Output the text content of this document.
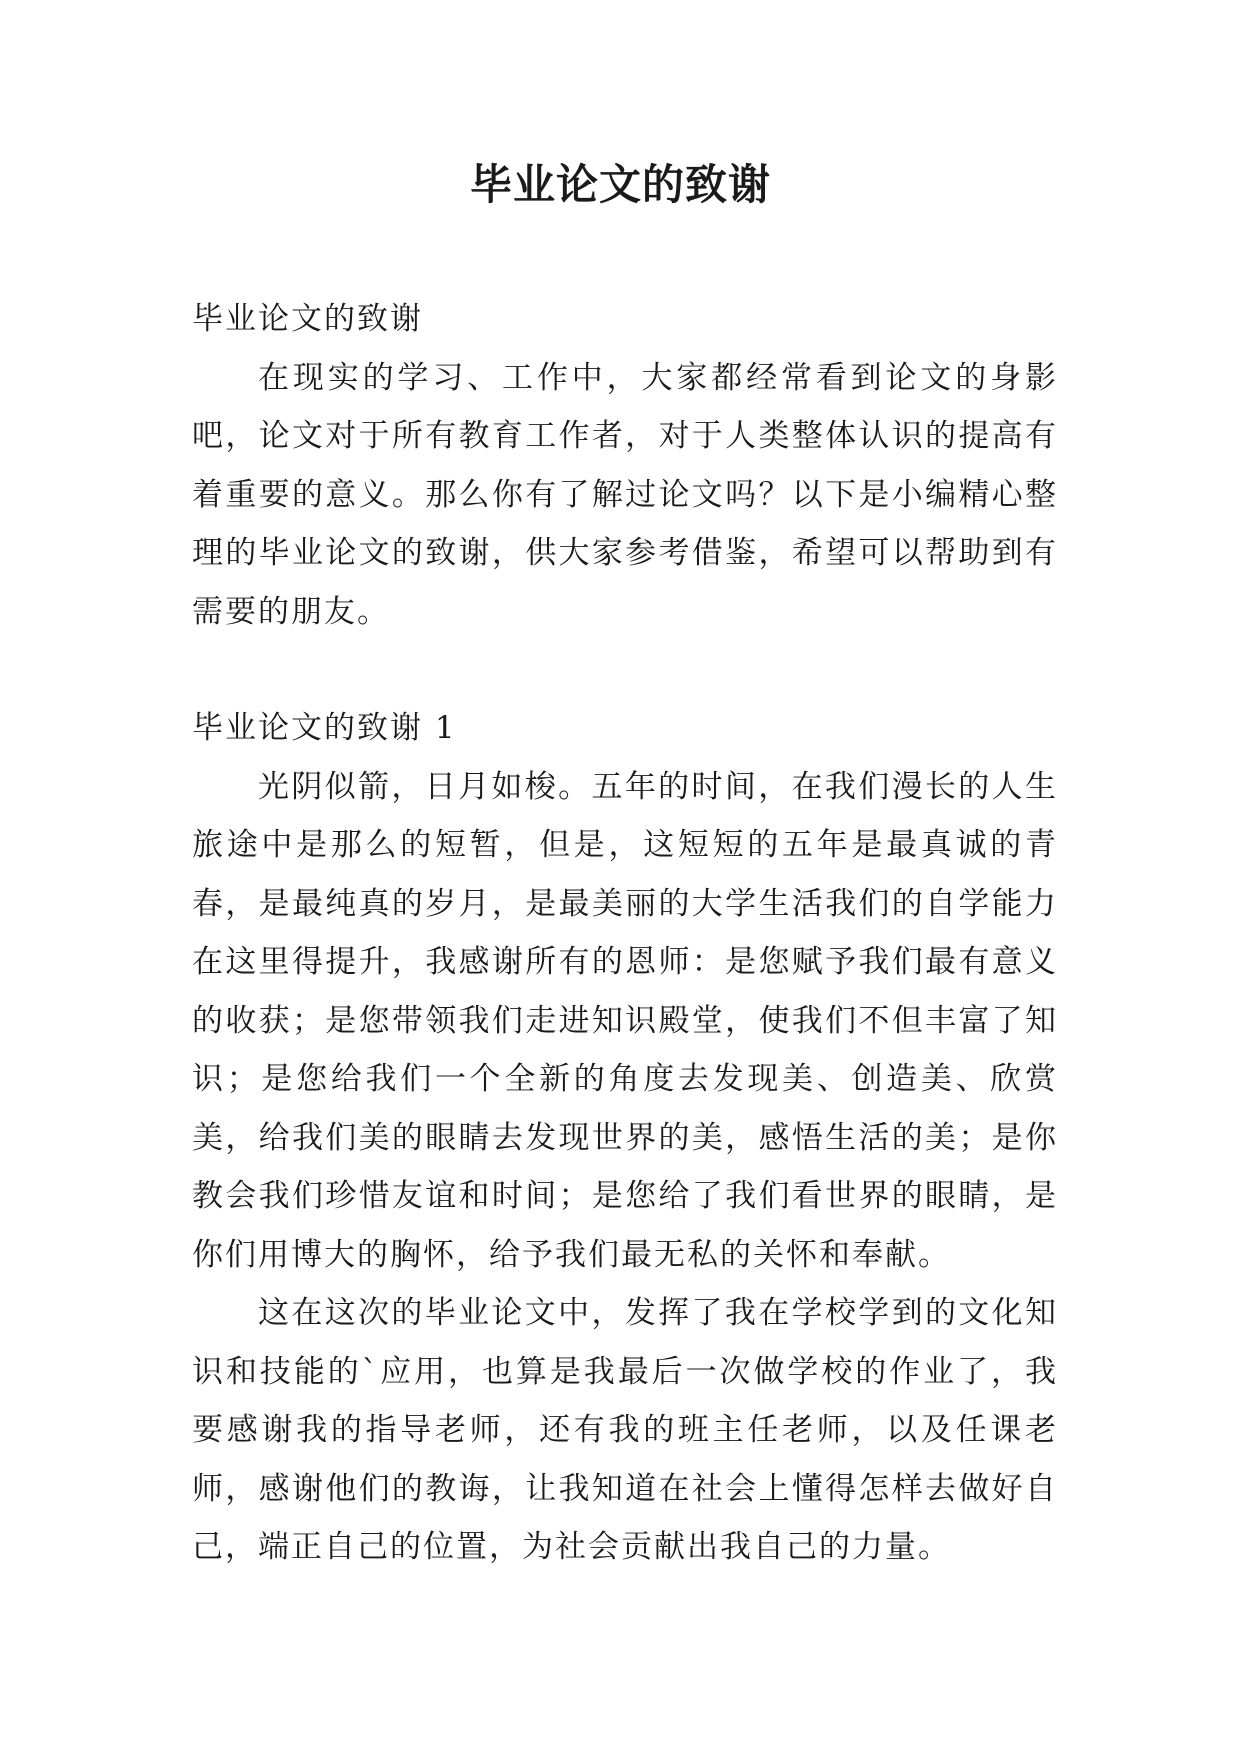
毕业论文的致谢

毕业论文的致谢

在现实的学习、工作中，大家都经常看到论文的身影吧，论文对于所有教育工作者，对于人类整体认识的提高有着重要的意义。那么你有了解过论文吗？以下是小编精心整理的毕业论文的致谢，供大家参考借鉴，希望可以帮助到有需要的朋友。

毕业论文的致谢 1

光阴似箭，日月如梭。五年的时间，在我们漫长的人生旅途中是那么的短暂，但是，这短短的五年是最真诚的青春，是最纯真的岁月，是最美丽的大学生活我们的自学能力在这里得提升，我感谢所有的恩师：是您赋予我们最有意义的收获；是您带领我们走进知识殿堂，使我们不但丰富了知识；是您给我们一个全新的角度去发现美、创造美、欣赏美，给我们美的眼睛去发现世界的美，感悟生活的美；是你教会我们珍惜友谊和时间；是您给了我们看世界的眼睛，是你们用博大的胸怀，给予我们最无私的关怀和奉献。

这在这次的毕业论文中，发挥了我在学校学到的文化知识和技能的`应用，也算是我最后一次做学校的作业了，我要感谢我的指导老师，还有我的班主任老师，以及任课老师，感谢他们的教诲，让我知道在社会上懂得怎样去做好自己，端正自己的位置，为社会贡献出我自己的力量。
